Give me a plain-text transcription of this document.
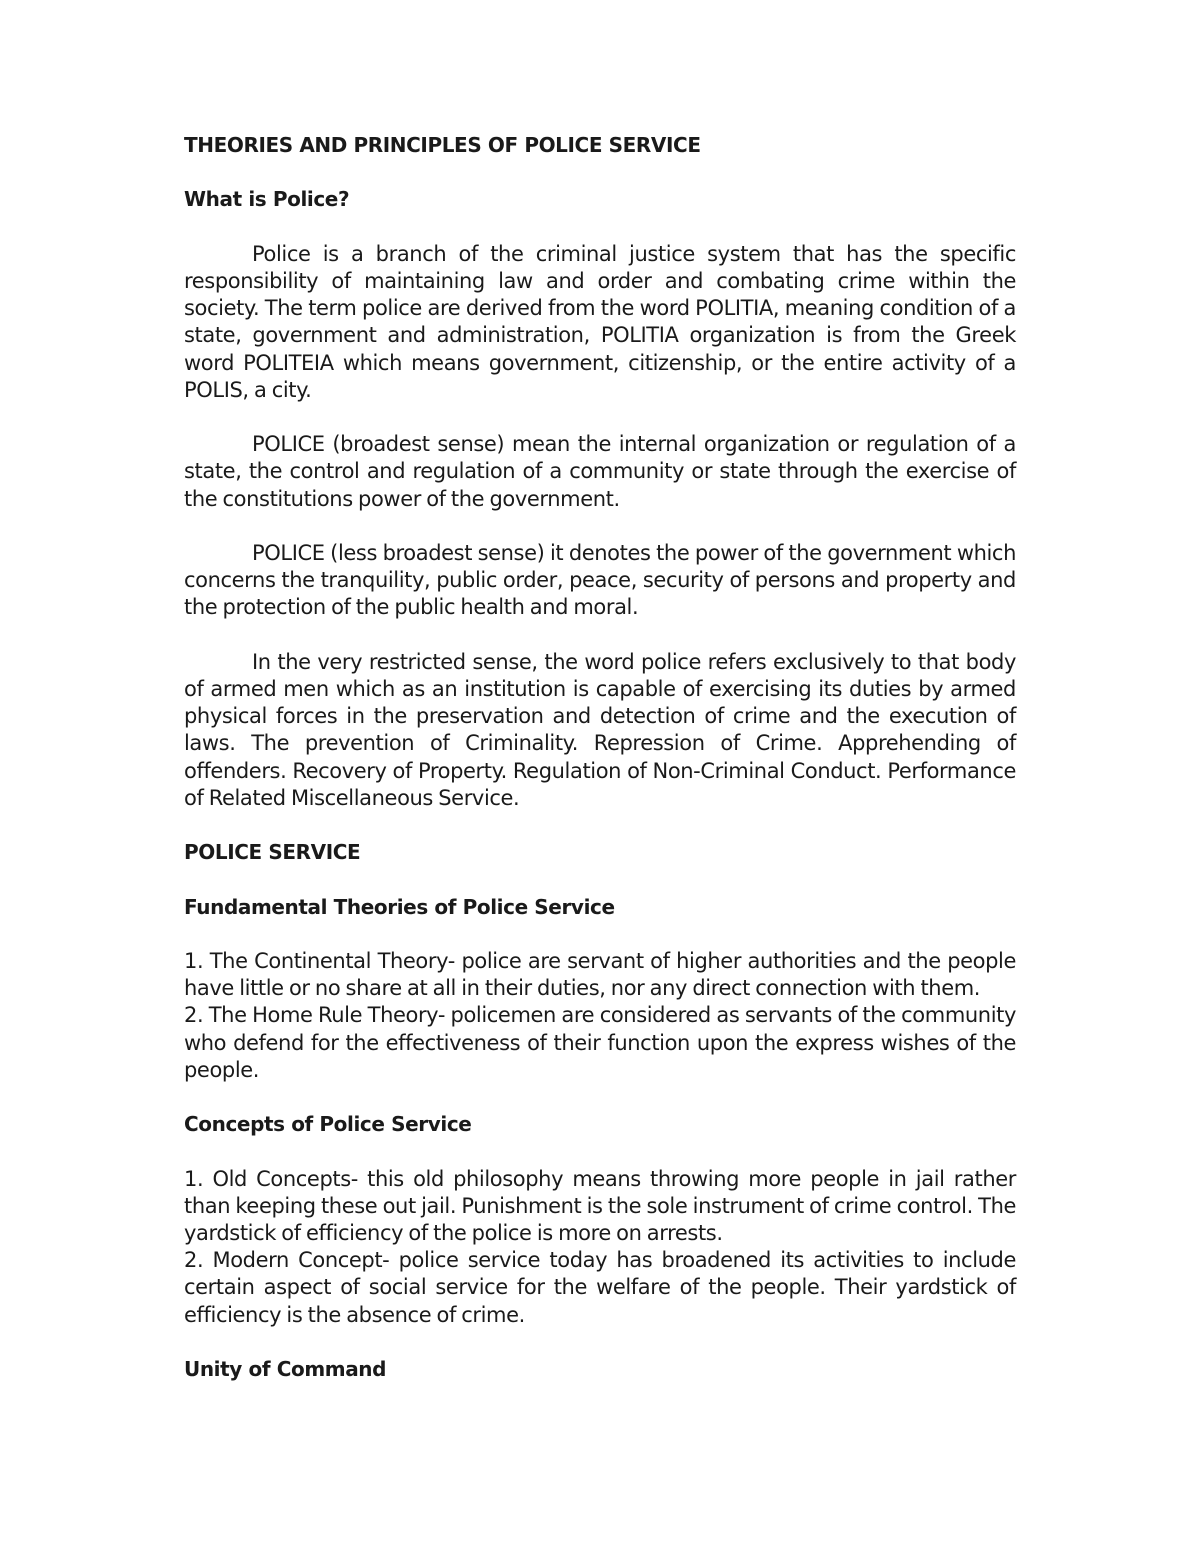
THEORIES AND PRINCIPLES OF POLICE SERVICE

What is Police?

Police is a branch of the criminal justice system that has the specific responsibility of maintaining law and order and combating crime within the society. The term police are derived from the word POLITIA, meaning condition of a state, government and administration, POLITIA organization is from the Greek word POLITEIA which means government, citizenship, or the entire activity of a POLIS, a city.

POLICE (broadest sense) mean the internal organization or regulation of a state, the control and regulation of a community or state through the exercise of the constitutions power of the government.

POLICE (less broadest sense) it denotes the power of the government which concerns the tranquility, public order, peace, security of persons and property and the protection of the public health and moral.

In the very restricted sense, the word police refers exclusively to that body of armed men which as an institution is capable of exercising its duties by armed physical forces in the preservation and detection of crime and the execution of laws. The prevention of Criminality. Repression of Crime. Apprehending of offenders. Recovery of Property. Regulation of Non-Criminal Conduct. Performance of Related Miscellaneous Service.

POLICE SERVICE

Fundamental Theories of Police Service

1. The Continental Theory- police are servant of higher authorities and the people have little or no share at all in their duties, nor any direct connection with them.

2. The Home Rule Theory- policemen are considered as servants of the community who defend for the effectiveness of their function upon the express wishes of the people.

Concepts of Police Service

1. Old Concepts- this old philosophy means throwing more people in jail rather than keeping these out jail. Punishment is the sole instrument of crime control. The yardstick of efficiency of the police is more on arrests.

2. Modern Concept- police service today has broadened its activities to include certain aspect of social service for the welfare of the people. Their yardstick of efficiency is the absence of crime.

Unity of Command
